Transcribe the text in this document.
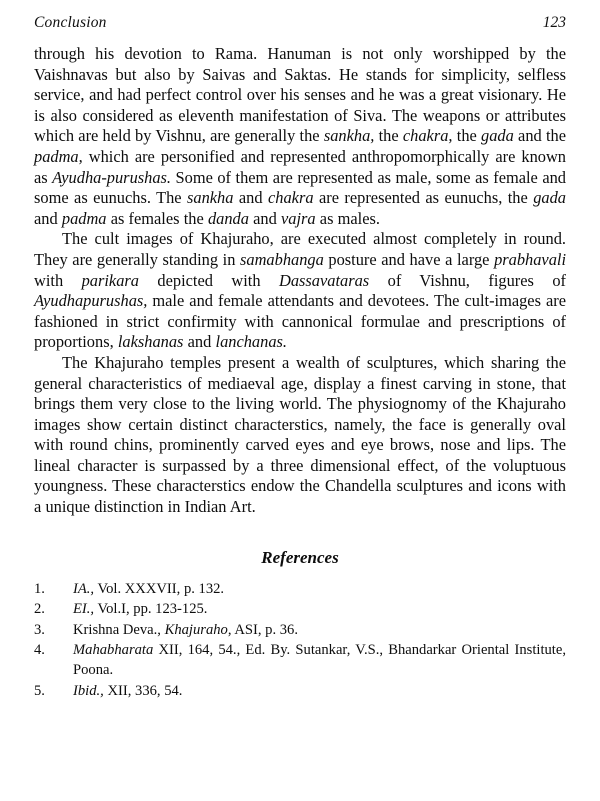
Conclusion	123

through his devotion to Rama. Hanuman is not only worshipped by the Vaishnavas but also by Saivas and Saktas. He stands for simplicity, selfless service, and had perfect control over his senses and he was a great visionary. He is also considered as eleventh manifestation of Siva. The weapons or attributes which are held by Vishnu, are generally the sankha, the chakra, the gada and the padma, which are personified and represented anthropomorphically are known as Ayudha-purushas. Some of them are represented as male, some as female and some as eunuchs. The sankha and chakra are represented as eunuchs, the gada and padma as females the danda and vajra as males.

The cult images of Khajuraho, are executed almost completely in round. They are generally standing in samabhanga posture and have a large prabhavali with parikara depicted with Dassavataras of Vishnu, figures of Ayudhapurushas, male and female attendants and devotees. The cult-images are fashioned in strict confirmity with cannonical formulae and prescriptions of proportions, lakshanas and lanchanas.

The Khajuraho temples present a wealth of sculptures, which sharing the general characteristics of mediaeval age, display a finest carving in stone, that brings them very close to the living world. The physiognomy of the Khajuraho images show certain distinct characterstics, namely, the face is generally oval with round chins, prominently carved eyes and eye brows, nose and lips. The lineal character is surpassed by a three dimensional effect, of the voluptuous youngness. These characterstics endow the Chandella sculptures and icons with a unique distinction in Indian Art.

References
1.	IA., Vol. XXXVII, p. 132.
2.	EI., Vol.I, pp. 123-125.
3.	Krishna Deva., Khajuraho, ASI, p. 36.
4.	Mahabharata XII, 164, 54., Ed. By. Sutankar, V.S., Bhandarkar Oriental Institute, Poona.
5.	Ibid., XII, 336, 54.
